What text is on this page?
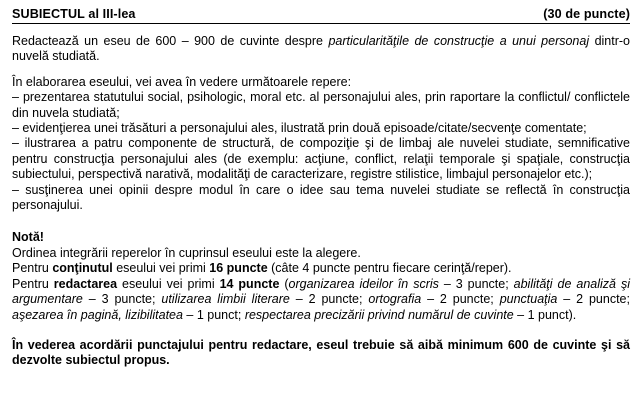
SUBIECTUL al III-lea	(30 de puncte)

Redactează un eseu de 600 – 900 de cuvinte despre particularităţile de construcţie a unui personaj dintr-o nuvelă studiată.

În elaborarea eseului, vei avea în vedere următoarele repere:

– prezentarea statutului social, psihologic, moral etc. al personajului ales, prin raportare la conflictul/ conflictele din nuvela studiată;

– evidenţierea unei trăsături a personajului ales, ilustrată prin două episoade/citate/secvenţe comentate;

– ilustrarea a patru componente de structură, de compoziţie şi de limbaj ale nuvelei studiate, semnificative pentru construcţia personajului ales (de exemplu: acţiune, conflict, relaţii temporale şi spaţiale, construcţia subiectului, perspectivă narativă, modalităţi de caracterizare, registre stilistice, limbajul personajelor etc.);

– susţinerea unei opinii despre modul în care o idee sau tema nuvelei studiate se reflectă în construcţia personajului.

Notă!

Ordinea integrării reperelor în cuprinsul eseului este la alegere.

Pentru conţinutul eseului vei primi 16 puncte (câte 4 puncte pentru fiecare cerinţă/reper).

Pentru redactarea eseului vei primi 14 puncte (organizarea ideilor în scris – 3 puncte; abilităţi de analiză şi argumentare – 3 puncte; utilizarea limbii literare – 2 puncte; ortografia – 2 puncte; punctuaţia – 2 puncte; aşezarea în pagină, lizibilitatea – 1 punct; respectarea precizării privind numărul de cuvinte – 1 punct).

În vederea acordării punctajului pentru redactare, eseul trebuie să aibă minimum 600 de cuvinte şi să dezvolte subiectul propus.
